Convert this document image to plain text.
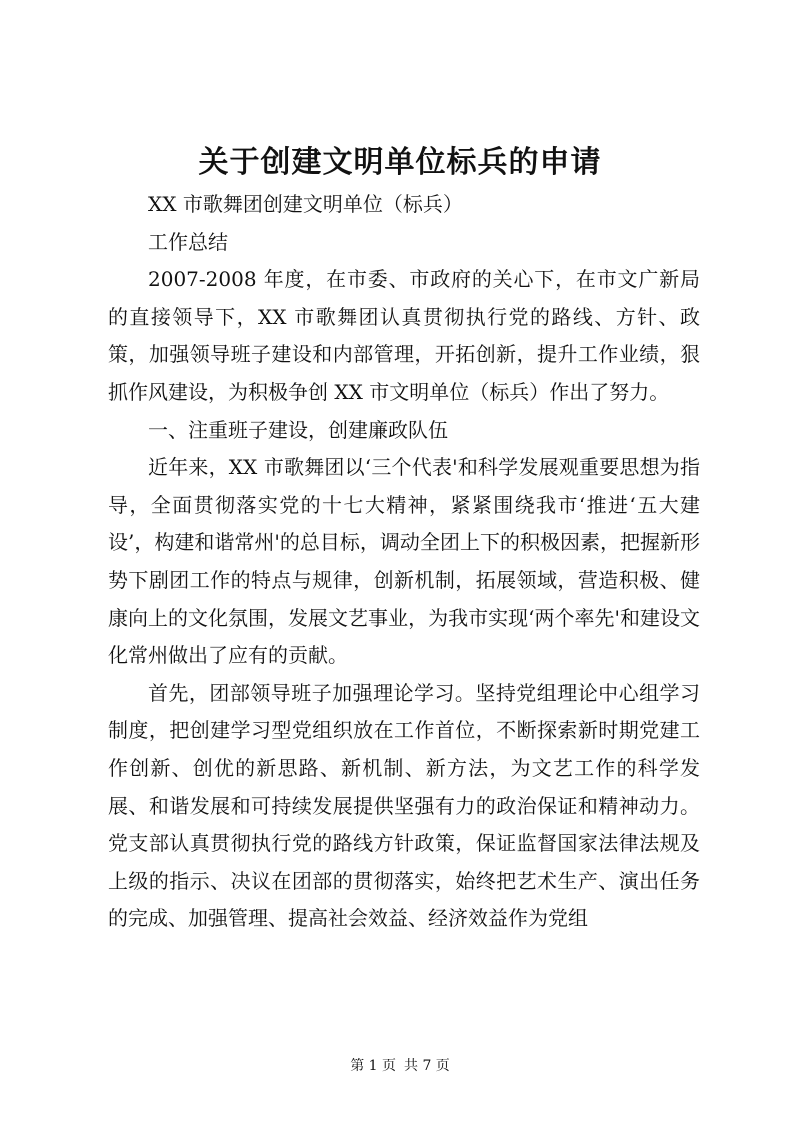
关于创建文明单位标兵的申请

XX 市歌舞团创建文明单位（标兵）

工作总结

2007-2008 年度，在市委、市政府的关心下，在市文广新局的直接领导下，XX 市歌舞团认真贯彻执行党的路线、方针、政策，加强领导班子建设和内部管理，开拓创新，提升工作业绩，狠抓作风建设，为积极争创 XX 市文明单位（标兵）作出了努力。

一、注重班子建设，创建廉政队伍

近年来，XX 市歌舞团以‘三个代表'和科学发展观重要思想为指导，全面贯彻落实党的十七大精神，紧紧围绕我市‘推进‘五大建设’，构建和谐常州'的总目标，调动全团上下的积极因素，把握新形势下剧团工作的特点与规律，创新机制，拓展领域，营造积极、健康向上的文化氛围，发展文艺事业，为我市实现‘两个率先'和建设文化常州做出了应有的贡献。

首先，团部领导班子加强理论学习。坚持党组理论中心组学习制度，把创建学习型党组织放在工作首位，不断探索新时期党建工作创新、创优的新思路、新机制、新方法，为文艺工作的科学发展、和谐发展和可持续发展提供坚强有力的政治保证和精神动力。党支部认真贯彻执行党的路线方针政策，保证监督国家法律法规及上级的指示、决议在团部的贯彻落实，始终把艺术生产、演出任务的完成、加强管理、提高社会效益、经济效益作为党组

第 1 页 共 7 页
